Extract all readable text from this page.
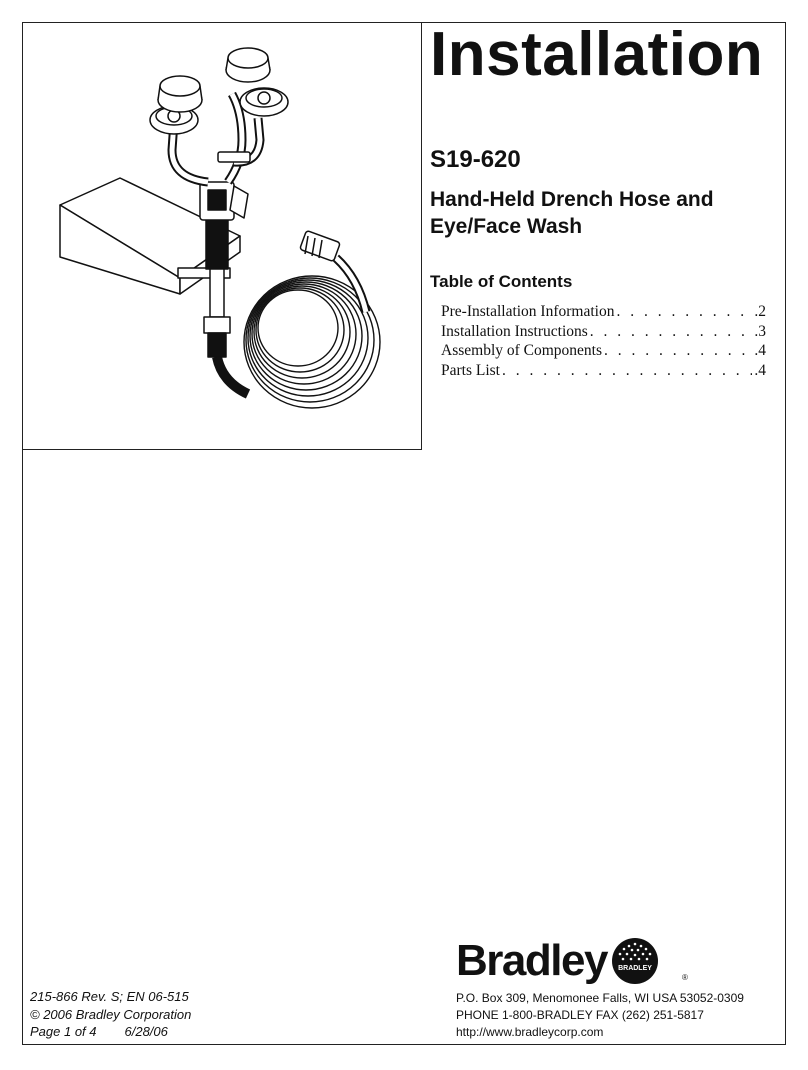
Installation
S19-620
Hand-Held Drench Hose and Eye/Face Wash
Table of Contents
Pre-Installation Information . . .	.2
Installation Instructions . . .	.3
Assembly of Components . . .	.4
Parts List . . .	.4
215-866 Rev. S; EN 06-515
© 2006 Bradley Corporation
Page 1 of 4 6/28/06
Bradley BRADLEY
®
P.O. Box 309, Menomonee Falls, WI USA 53052-0309
PHONE 1-800-BRADLEY FAX (262) 251-5817
http://www.bradleycorp.com
